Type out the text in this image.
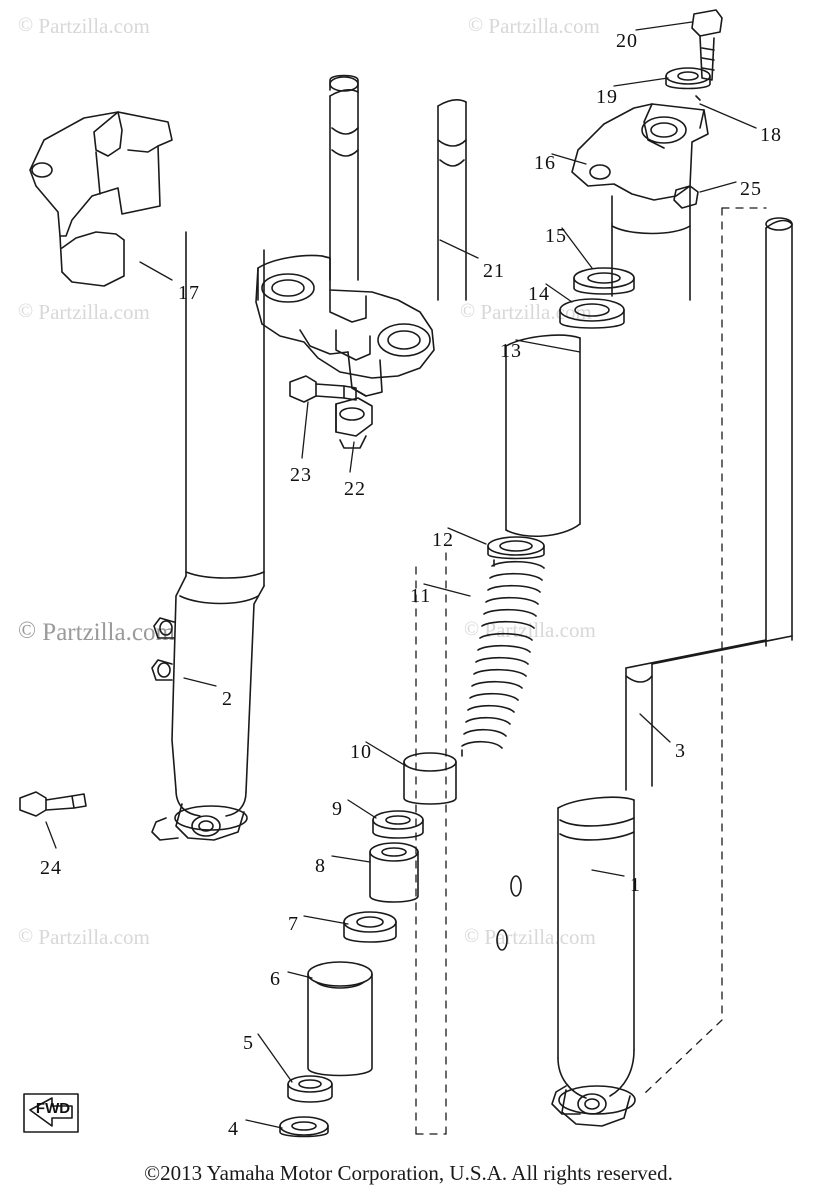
© Partzilla.com	© Partzilla.com
© Partzilla.com	© Partzilla.com
© Partzilla.com	© Partzilla.com
© Partzilla.com	© Partzilla.com
1
2
3
4
5
6
7
8
9
10
11
12
13
14
15
16
17
18
19
20
21
22
23
24
25
©2013 Yamaha Motor Corporation, U.S.A. All rights reserved.
FWD
